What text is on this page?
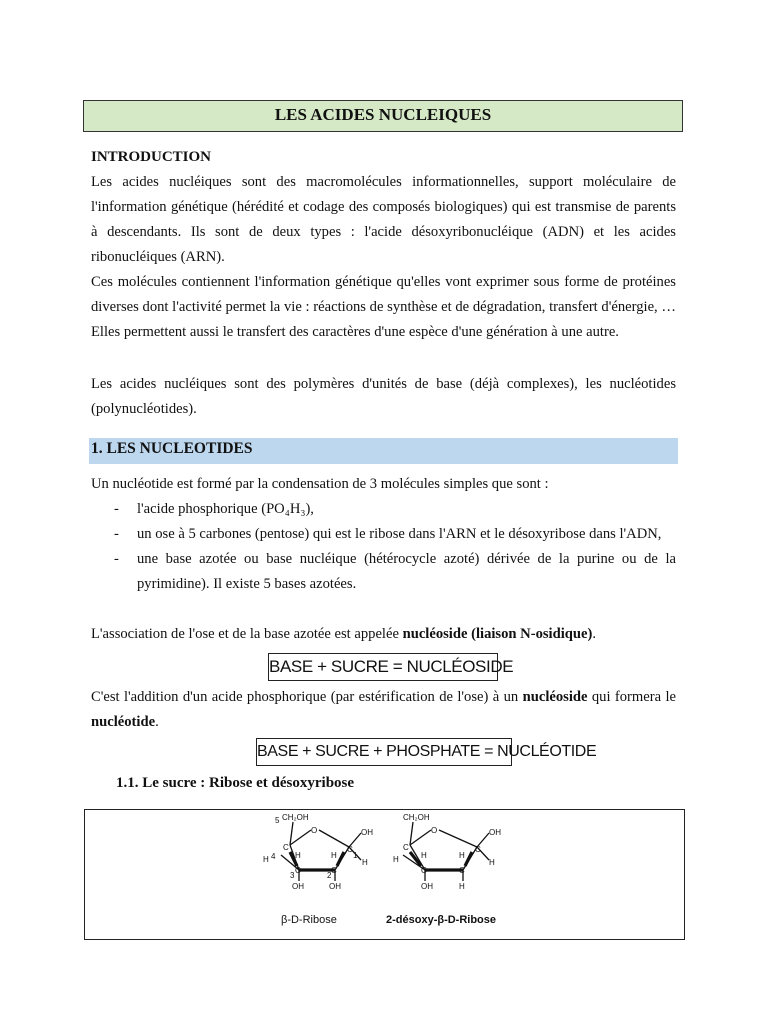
LES ACIDES NUCLEIQUES
INTRODUCTION

Les acides nucléiques sont des macromolécules informationnelles, support moléculaire de l'information génétique (hérédité et codage des composés biologiques) qui est transmise de parents à descendants. Ils sont de deux types : l'acide désoxyribonucléique (ADN) et les acides ribonucléiques (ARN).

Ces molécules contiennent l'information génétique qu'elles vont exprimer sous forme de protéines diverses dont l'activité permet la vie : réactions de synthèse et de dégradation, transfert d'énergie, … Elles permettent aussi le transfert des caractères d'une espèce d'une génération à une autre.

Les acides nucléiques sont des polymères d'unités de base (déjà complexes), les nucléotides (polynucléotides).

1. LES NUCLEOTIDES

Un nucléotide est formé par la condensation de 3 molécules simples que sont :

- l'acide phosphorique (PO₄H₃),
- un ose à 5 carbones (pentose) qui est le ribose dans l'ARN et le désoxyribose dans l'ADN,
- une base azotée ou base nucléique (hétérocycle azoté) dérivée de la purine ou de la pyrimidine). Il existe 5 bases azotées.

L'association de l'ose et de la base azotée est appelée nucléoside (liaison N-osidique).

BASE + SUCRE = NUCLÉOSIDE

C'est l'addition d'un acide phosphorique (par estérification de l'ose) à un nucléoside qui formera le nucléotide.

BASE + SUCRE + PHOSPHATE = NUCLÉOTIDE
1.1. Le sucre : Ribose et désoxyribose
5 CH₂OH
O	OH
C
4
H
C
1
H
H	H
C	C
3	2
OH	OH
β-D-Ribose
CH₂OH
O	OH
C
H
C
H
H	H
C	C
OH	H
2-désoxy-β-D-Ribose
